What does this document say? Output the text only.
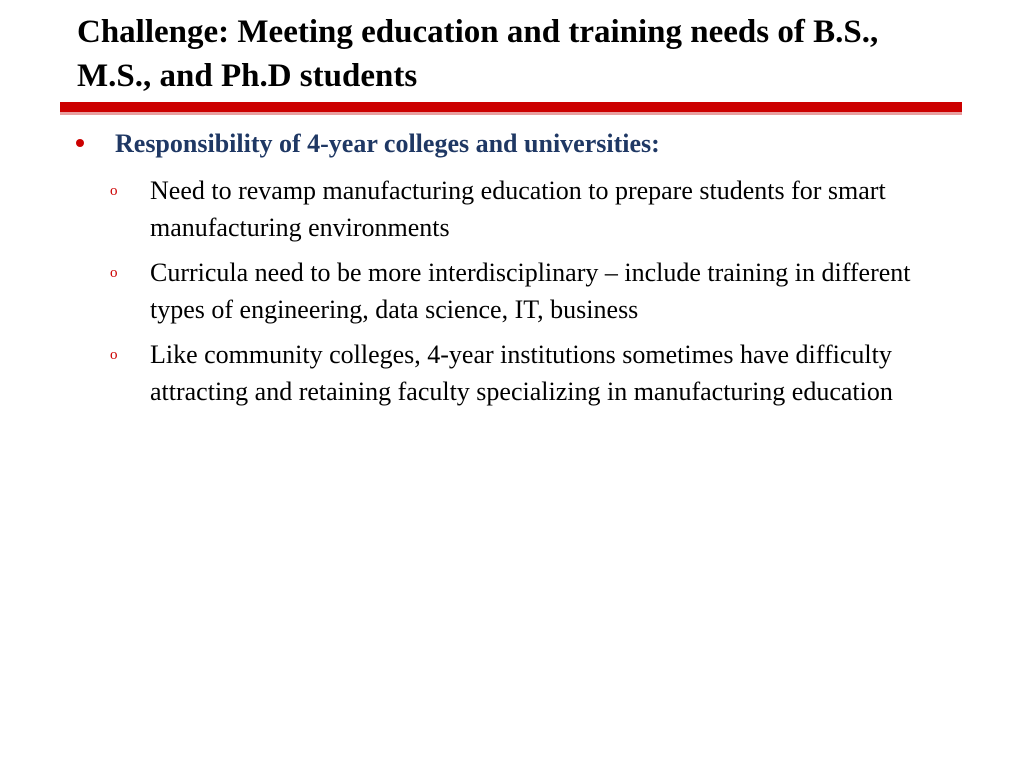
Challenge: Meeting education and training needs of B.S., M.S., and Ph.D students
Responsibility of 4-year colleges and universities:
o Need to revamp manufacturing education to prepare students for smart manufacturing environments
o Curricula need to be more interdisciplinary – include training in different types of engineering, data science, IT, business
o Like community colleges, 4-year institutions sometimes have difficulty attracting and retaining faculty specializing in manufacturing education
